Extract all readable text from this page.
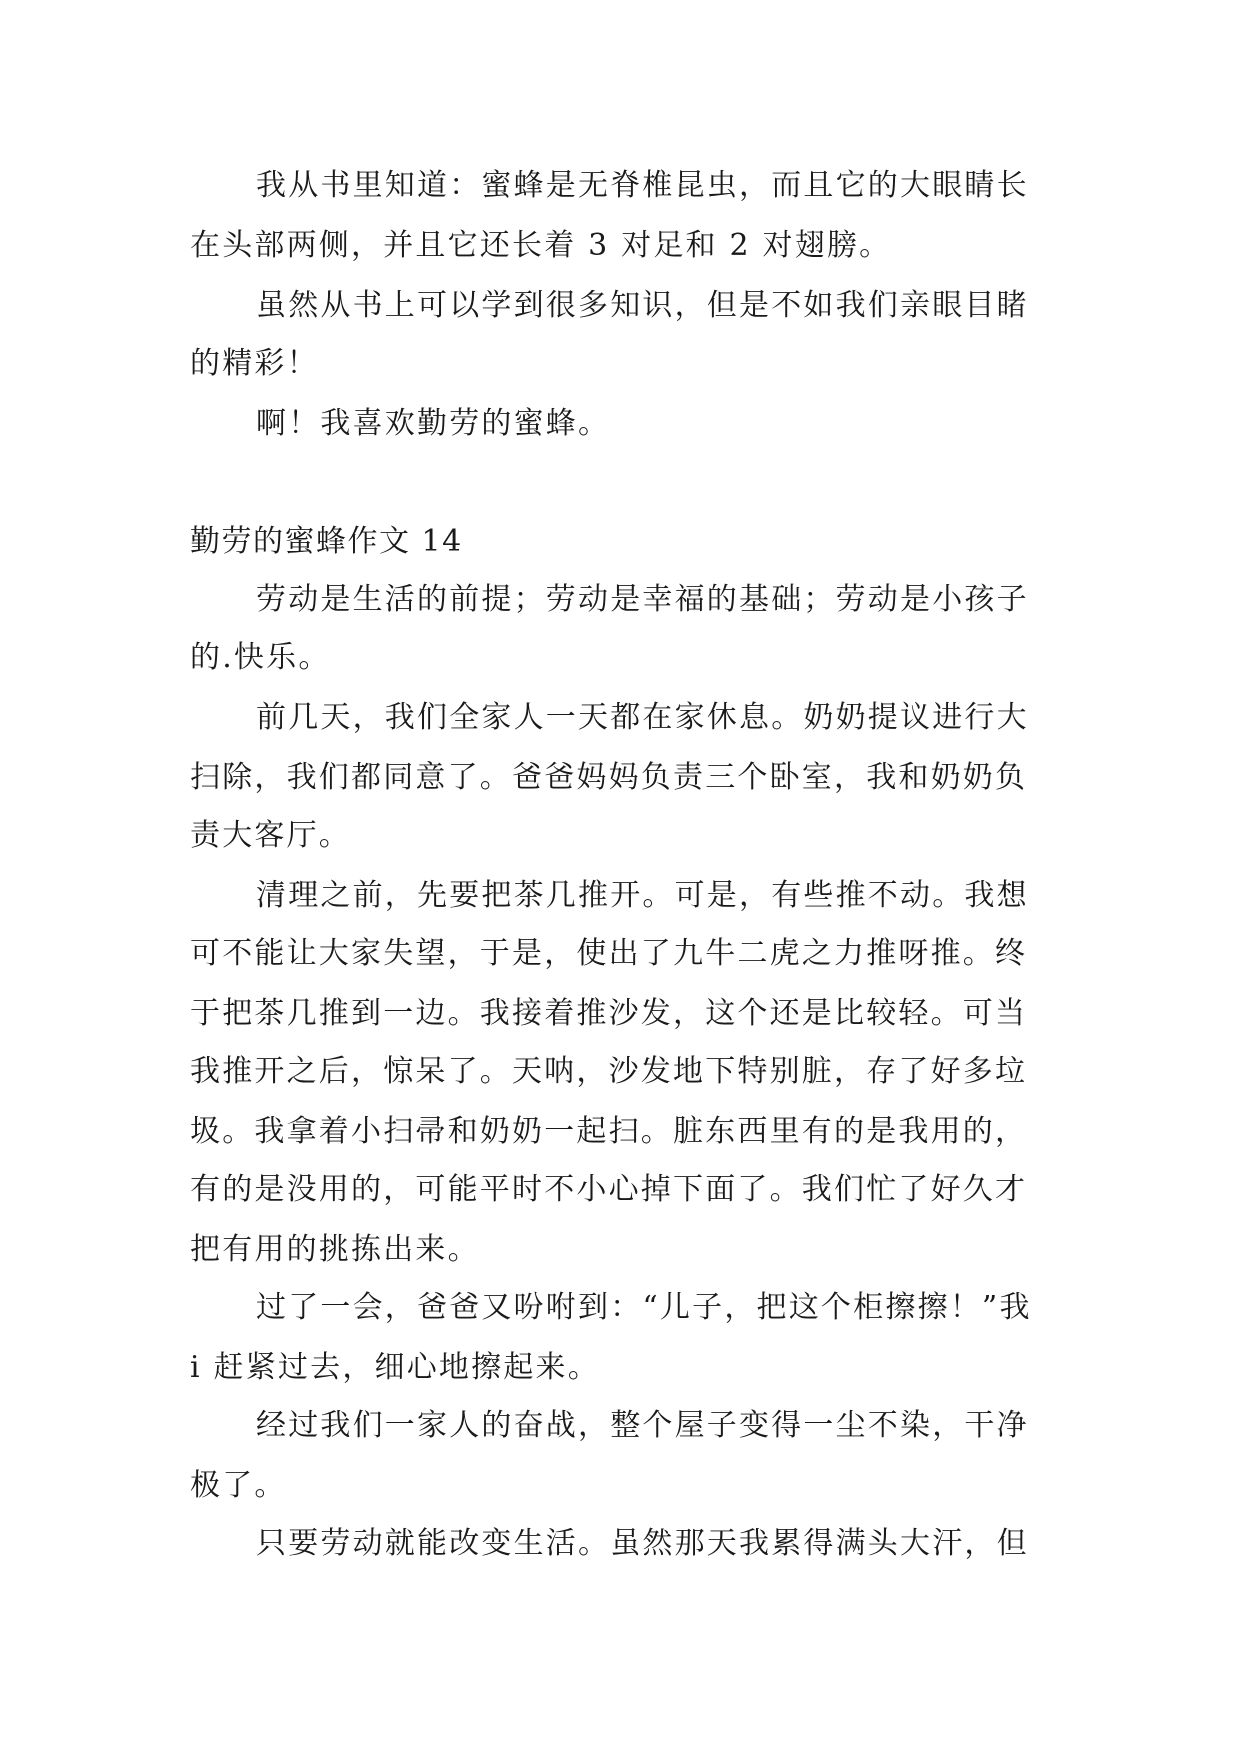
我从书里知道：蜜蜂是无脊椎昆虫，而且它的大眼睛长

在头部两侧，并且它还长着 3 对足和 2 对翅膀。

虽然从书上可以学到很多知识，但是不如我们亲眼目睹

的精彩！

啊！我喜欢勤劳的蜜蜂。

勤劳的蜜蜂作文 14

劳动是生活的前提；劳动是幸福的基础；劳动是小孩子

的.快乐。

前几天，我们全家人一天都在家休息。奶奶提议进行大

扫除，我们都同意了。爸爸妈妈负责三个卧室，我和奶奶负

责大客厅。

清理之前，先要把茶几推开。可是，有些推不动。我想

可不能让大家失望，于是，使出了九牛二虎之力推呀推。终

于把茶几推到一边。我接着推沙发，这个还是比较轻。可当

我推开之后，惊呆了。天呐，沙发地下特别脏，存了好多垃

圾。我拿着小扫帚和奶奶一起扫。脏东西里有的是我用的，

有的是没用的，可能平时不小心掉下面了。我们忙了好久才

把有用的挑拣出来。

过了一会，爸爸又吩咐到：“儿子，把这个柜擦擦！”我

i 赶紧过去，细心地擦起来。

经过我们一家人的奋战，整个屋子变得一尘不染，干净

极了。

只要劳动就能改变生活。虽然那天我累得满头大汗，但
